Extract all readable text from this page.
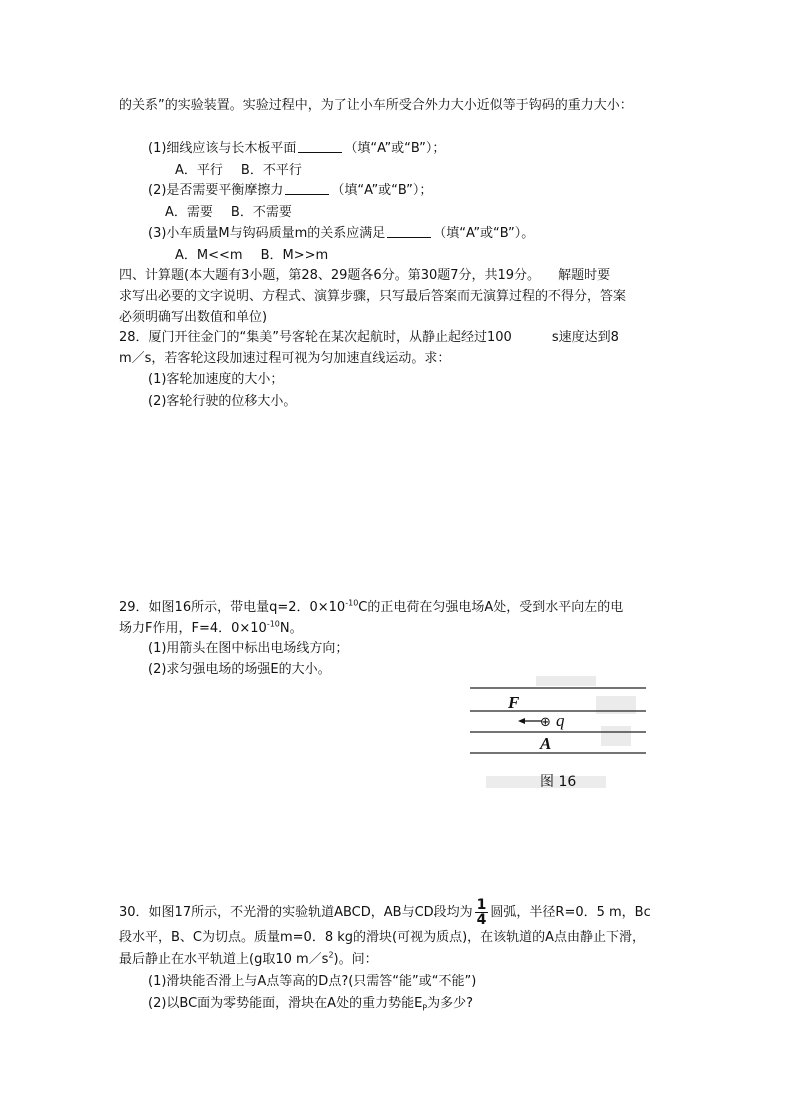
的关系”的实验装置。实验过程中，为了让小车所受合外力大小近似等于钩码的重力大小：
(1)细线应该与长木板平面	（填“A”或“B”）；
A．平行 B．不平行
(2)是否需要平衡摩擦力	（填“A”或“B”）；
A．需要 B．不需要
(3)小车质量M与钩码质量m的关系应满足	（填“A”或“B”）。
A．M<<m B．M>>m
四、计算题(本大题有3小题，第28、29题各6分。第30题7分，共19分。 解题时要
求写出必要的文字说明、方程式、演算步骤，只写最后答案而无演算过程的不得分，答案
必须明确写出数值和单位)
28．厦门开往金门的“集美”号客轮在某次起航时，从静止起经过100	s速度达到8
m／s，若客轮这段加速过程可视为匀加速直线运动。求：
(1)客轮加速度的大小；
(2)客轮行驶的位移大小。
29．如图16所示，带电量q=2．$0\times 10^{-10}C$的正电荷在匀强电场A处，受到水平向左的电
场力F作用，F=4．$0\times 10^{-10}N$。
(1)用箭头在图中标出电场线方向；
(2)求匀强电场的场强E的大小。
F
⊕ q
A
图 16
30．如图17所示，不光滑的实验轨道ABCD，AB与CD段均为 $\frac{1}{4}$ 圆弧，半径R=0．5 m，Bc
段水平，B、C为切点。质量m=0．8 kg的滑块(可视为质点)，在该轨道的A点由静止下滑，
最后静止在水平轨道上(g取10 $m/s^2$)。问：
(1)滑块能否滑上与A点等高的D点?(只需答“能”或“不能”)
(2)以BC面为零势能面，滑块在A处的重力势能$E_P$为多少?
